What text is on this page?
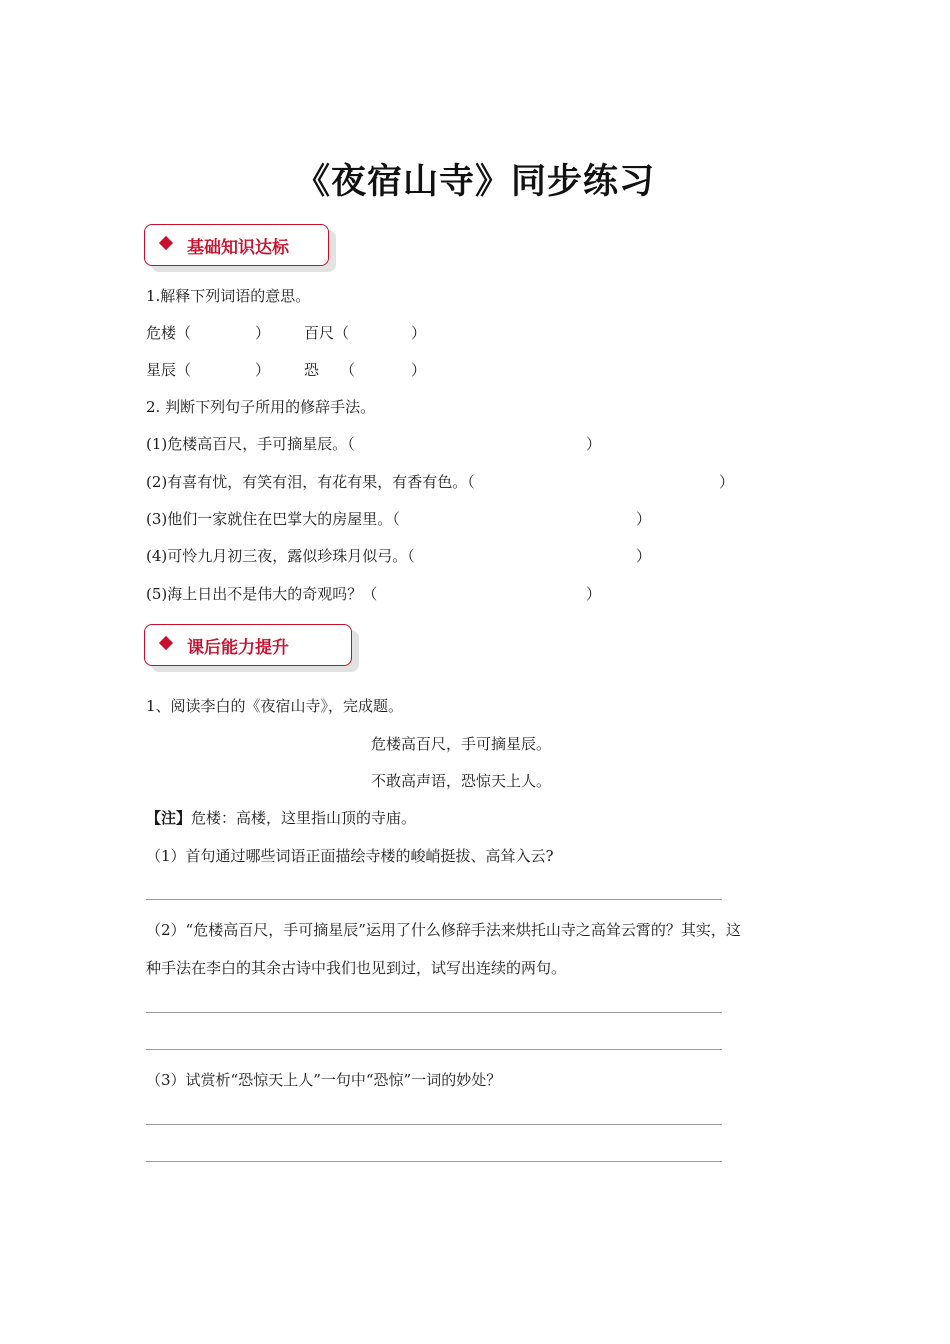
《夜宿山寺》同步练习
基础知识达标
1.解释下列词语的意思。
危楼（	） 百尺（	）
星辰（	） 恐 （	）
2. 判断下列句子所用的修辞手法。
(1)危楼高百尺，手可摘星辰。（	）
(2)有喜有忧，有笑有泪，有花有果，有香有色。（	）
(3)他们一家就住在巴掌大的房屋里。（	）
(4)可怜九月初三夜，露似珍珠月似弓。（	）
(5)海上日出不是伟大的奇观吗？（	）
课后能力提升
1、阅读李白的《夜宿山寺》，完成题。
危楼高百尺，手可摘星辰。
不敢高声语，恐惊天上人。
【注】危楼：高楼，这里指山顶的寺庙。
（1）首句通过哪些词语正面描绘寺楼的峻峭挺拔、高耸入云?
（2）“危楼高百尺，手可摘星辰”运用了什么修辞手法来烘托山寺之高耸云霄的？其实，这
种手法在李白的其余古诗中我们也见到过，试写出连续的两句。
（3）试赏析“恐惊天上人”一句中“恐惊”一词的妙处？
